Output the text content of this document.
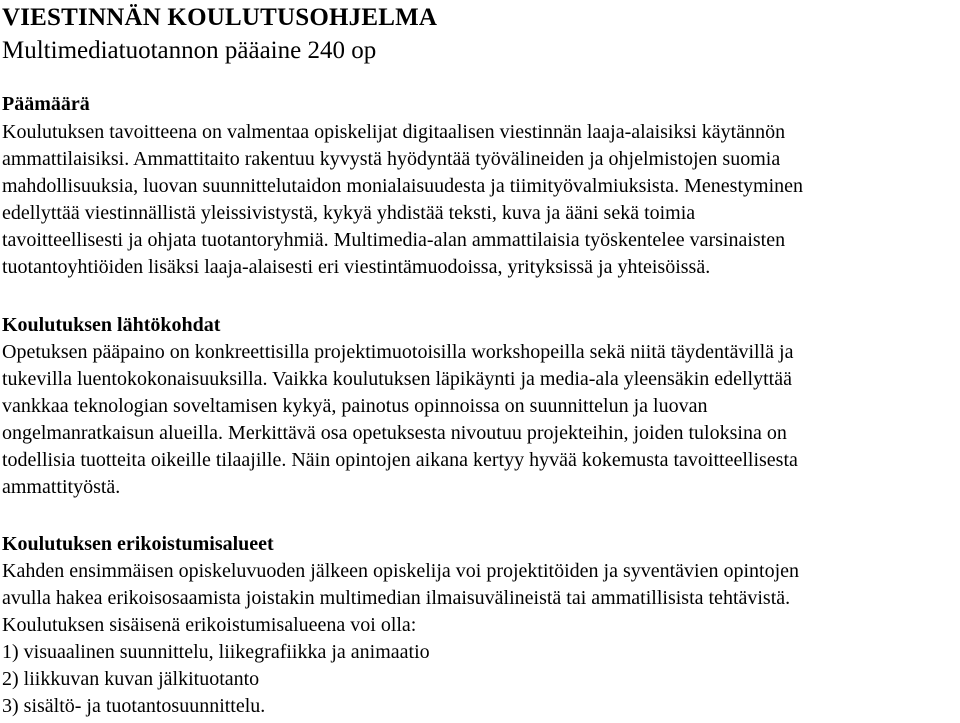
VIESTINNÄN KOULUTUSOHJELMA
Multimediatuotannon pääaine 240 op
Päämäärä
Koulutuksen tavoitteena on valmentaa opiskelijat digitaalisen viestinnän laaja-alaisiksi käytännön
ammattilaisiksi. Ammattitaito rakentuu kyvystä hyödyntää työvälineiden ja ohjelmistojen suomia
mahdollisuuksia, luovan suunnittelutaidon monialaisuudesta ja tiimityövalmiuksista. Menestyminen
edellyttää viestinnällistä yleissivistystä, kykyä yhdistää teksti, kuva ja ääni sekä toimia
tavoitteellisesti ja ohjata tuotantoryhmiä. Multimedia-alan ammattilaisia työskentelee varsinaisten
tuotantoyhtiöiden lisäksi laaja-alaisesti eri viestintämuodoissa, yrityksissä ja yhteisöissä.
Koulutuksen lähtökohdat
Opetuksen pääpaino on konkreettisilla projektimuotoisilla workshopeilla sekä niitä täydentävillä ja
tukevilla luentokokonaisuuksilla. Vaikka koulutuksen läpikäynti ja media-ala yleensäkin edellyttää
vankkaa teknologian soveltamisen kykyä, painotus opinnoissa on suunnittelun ja luovan
ongelmanratkaisun alueilla. Merkittävä osa opetuksesta nivoutuu projekteihin, joiden tuloksina on
todellisia tuotteita oikeille tilaajille. Näin opintojen aikana kertyy hyvää kokemusta tavoitteellisesta
ammattityöstä.
Koulutuksen erikoistumisalueet
Kahden ensimmäisen opiskeluvuoden jälkeen opiskelija voi projektitöiden ja syventävien opintojen
avulla hakea erikoisosaamista joistakin multimedian ilmaisuvälineistä tai ammatillisista tehtävistä.
Koulutuksen sisäisenä erikoistumisalueena voi olla:
1) visuaalinen suunnittelu, liikegrafiikka ja animaatio
2) liikkuvan kuvan jälkituotanto
3) sisältö- ja tuotantosuunnittelu.
